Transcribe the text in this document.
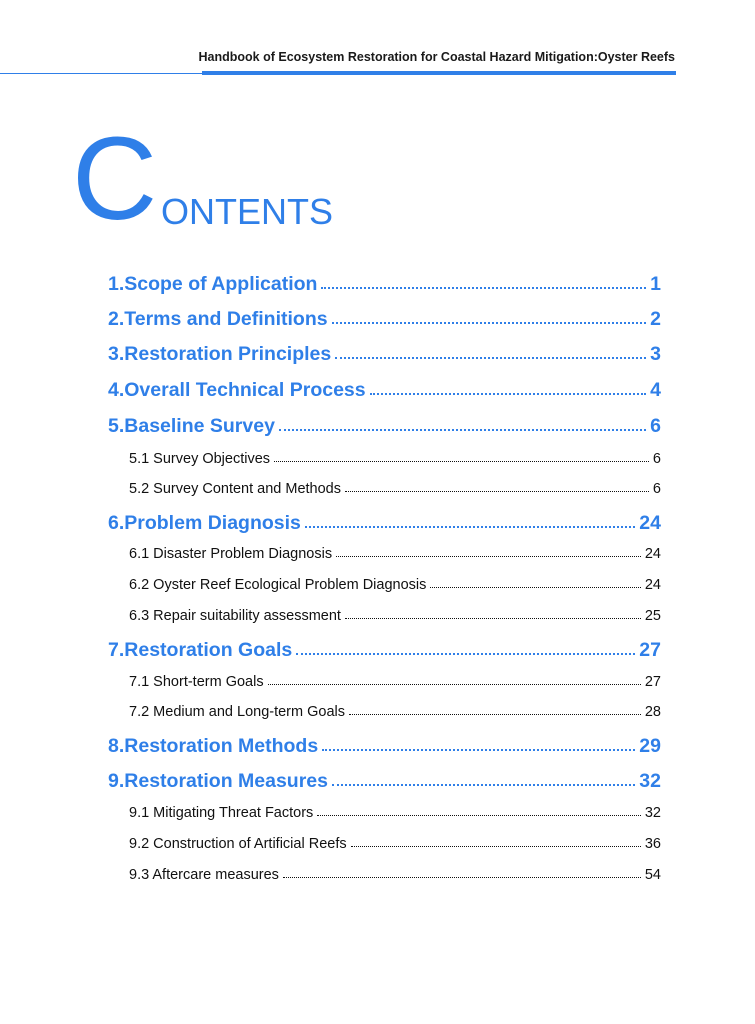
Handbook of Ecosystem Restoration for Coastal Hazard Mitigation:Oyster Reefs
C ONTENTS
1.Scope of Application	1
2.Terms and Definitions	2
3.Restoration Principles	3
4.Overall Technical Process	4
5.Baseline Survey	6
5.1 Survey Objectives	6
5.2 Survey Content and Methods	6
6.Problem Diagnosis	24
6.1 Disaster Problem Diagnosis	24
6.2 Oyster Reef Ecological Problem Diagnosis	24
6.3 Repair suitability assessment	25
7.Restoration Goals	27
7.1 Short-term Goals	27
7.2 Medium and Long-term Goals	28
8.Restoration Methods	29
9.Restoration Measures	32
9.1 Mitigating Threat Factors	32
9.2 Construction of Artificial Reefs	36
9.3 Aftercare measures	54
